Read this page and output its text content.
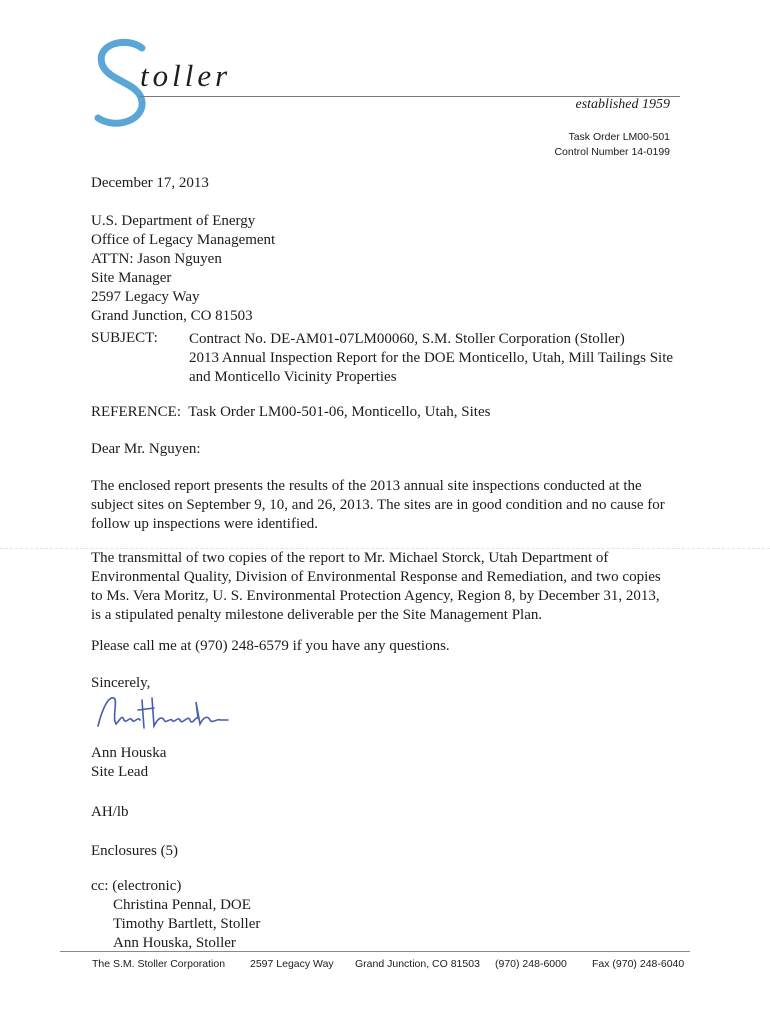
toller
established 1959
Task Order LM00-501
Control Number 14-0199
December 17, 2013
U.S. Department of Energy
Office of Legacy Management
ATTN: Jason Nguyen
Site Manager
2597 Legacy Way
Grand Junction, CO 81503
SUBJECT: Contract No. DE-AM01-07LM00060, S.M. Stoller Corporation (Stoller)
2013 Annual Inspection Report for the DOE Monticello, Utah, Mill Tailings Site
and Monticello Vicinity Properties
REFERENCE:  Task Order LM00-501-06, Monticello, Utah, Sites
Dear Mr. Nguyen:
The enclosed report presents the results of the 2013 annual site inspections conducted at the
subject sites on September 9, 10, and 26, 2013. The sites are in good condition and no cause for
follow up inspections were identified.
The transmittal of two copies of the report to Mr. Michael Storck, Utah Department of
Environmental Quality, Division of Environmental Response and Remediation, and two copies
to Ms. Vera Moritz, U. S. Environmental Protection Agency, Region 8, by December 31, 2013,
is a stipulated penalty milestone deliverable per the Site Management Plan.
Please call me at (970) 248-6579 if you have any questions.
Sincerely,
Ann Houska
Site Lead
AH/lb
Enclosures (5)
cc: (electronic)
Christina Pennal, DOE
Timothy Bartlett, Stoller
Ann Houska, Stoller
The S.M. Stoller Corporation 2597 Legacy Way Grand Junction, CO 81503 (970) 248-6000 Fax (970) 248-6040
